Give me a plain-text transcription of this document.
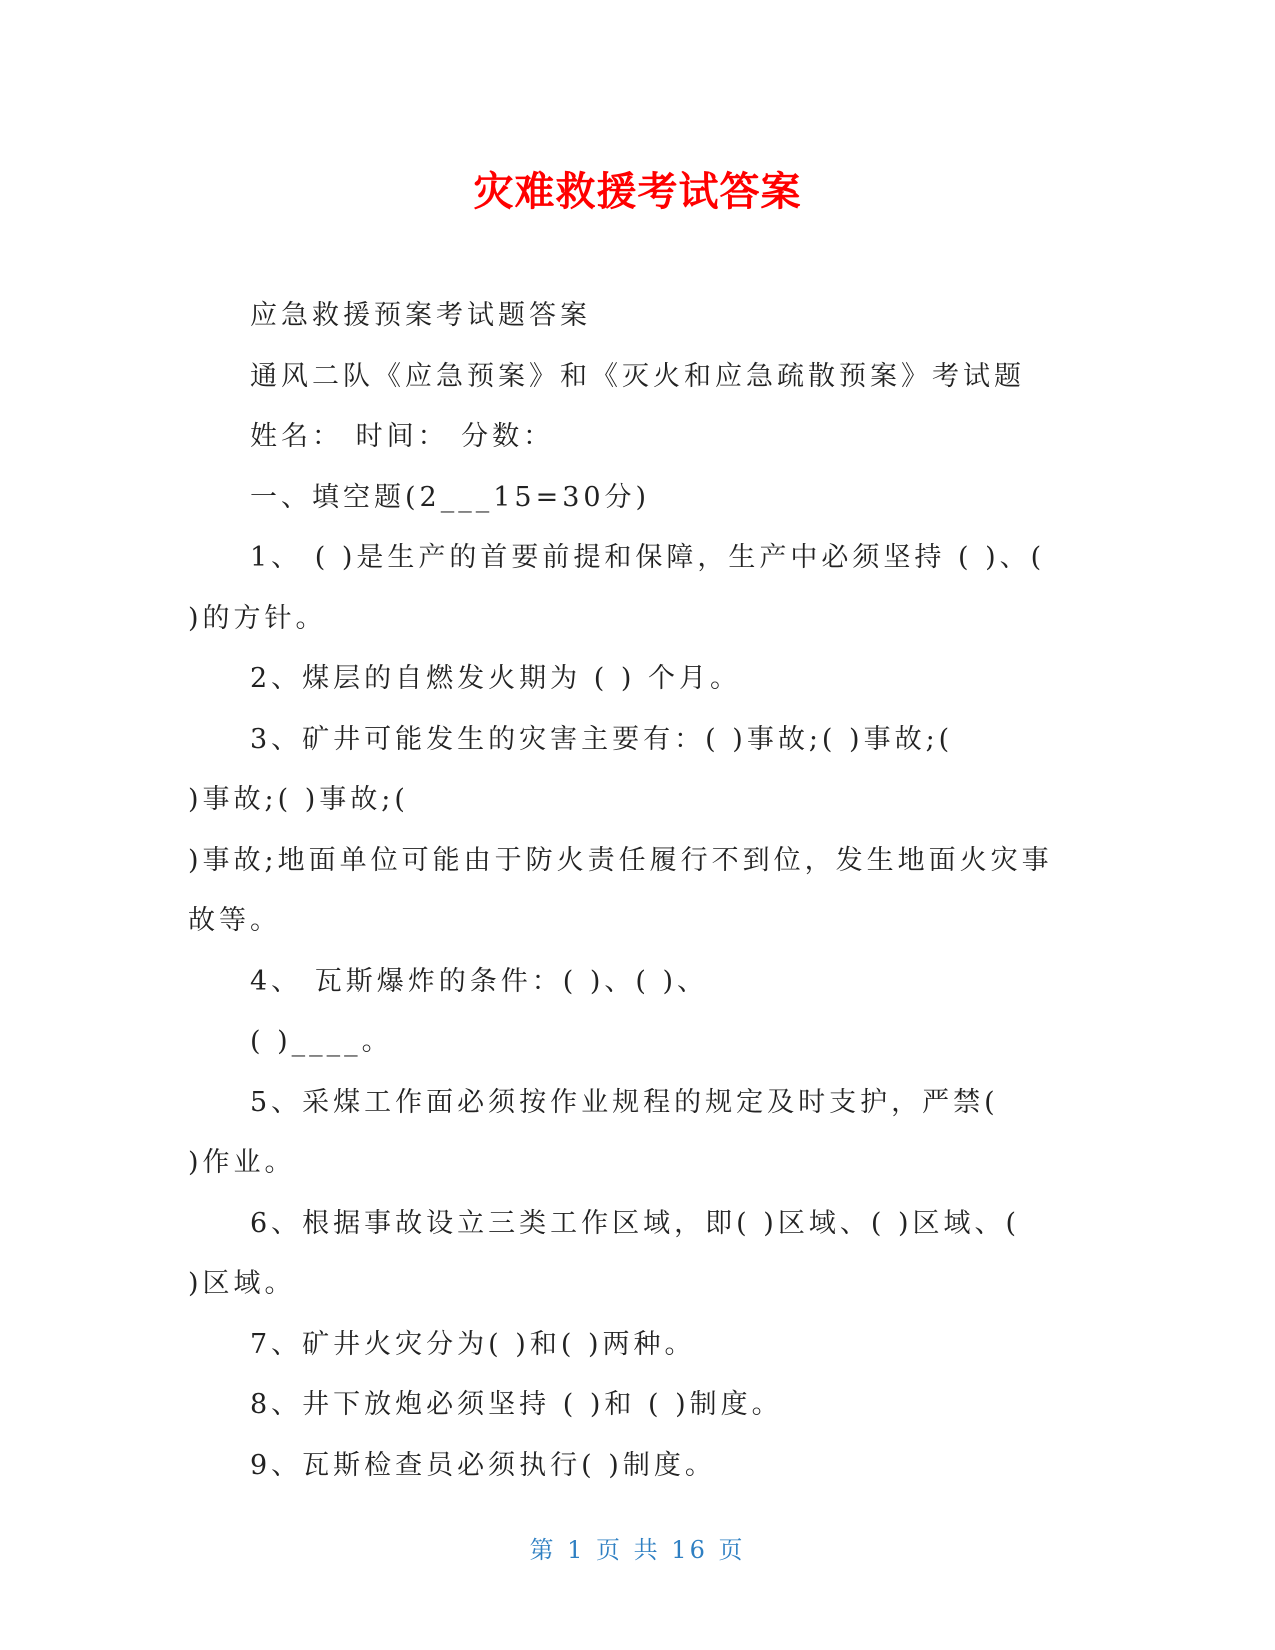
灾难救援考试答案
应急救援预案考试题答案
通风二队《应急预案》和《灭火和应急疏散预案》考试题
姓名： 时间： 分数：
一、填空题(2___15=30分)
1、 ( )是生产的首要前提和保障，生产中必须坚持 ( )、(
)的方针。
2、煤层的自燃发火期为 ( ) 个月。
3、矿井可能发生的灾害主要有：( )事故;( )事故;(
)事故;( )事故;(
)事故;地面单位可能由于防火责任履行不到位，发生地面火灾事
故等。
4、 瓦斯爆炸的条件：( )、( )、
( )____。
5、采煤工作面必须按作业规程的规定及时支护，严禁(
)作业。
6、根据事故设立三类工作区域，即( )区域、( )区域、(
)区域。
7、矿井火灾分为( )和( )两种。
8、井下放炮必须坚持 ( )和 ( )制度。
9、瓦斯检查员必须执行( )制度。
第 1 页 共 16 页
